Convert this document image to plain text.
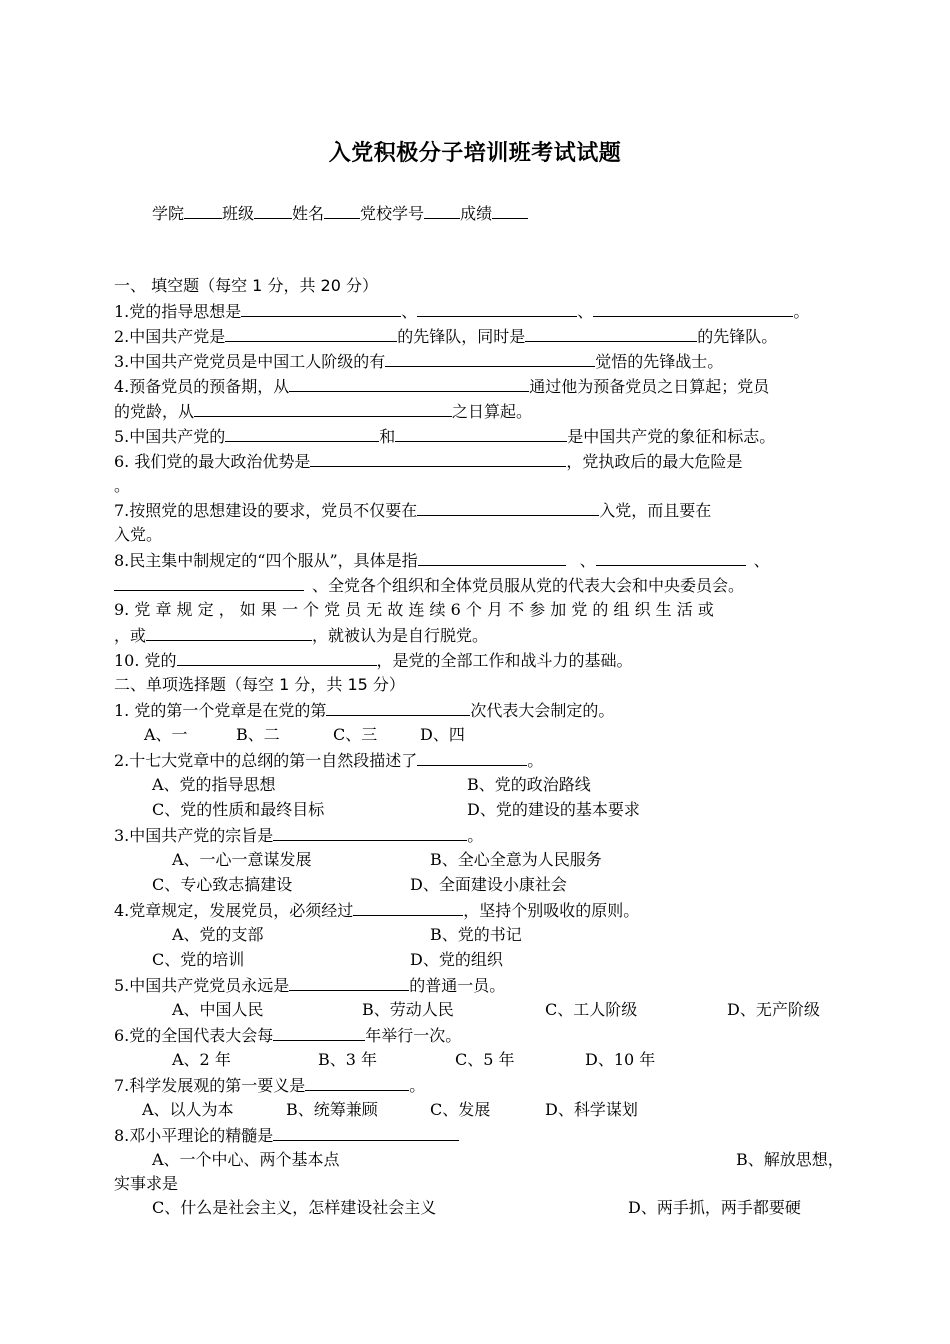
入党积极分子培训班考试试题
学院 班级 姓名 党校学号 成绩
一、 填空题（每空 1 分，共 20 分）
1.党的指导思想是	、	、	。
2.中国共产党是	的先锋队，同时是	的先锋队。
3.中国共产党党员是中国工人阶级的有	觉悟的先锋战士。
4.预备党员的预备期，从	通过他为预备党员之日算起；党员
的党龄，从	之日算起。
5.中国共产党的	和	是中国共产党的象征和标志。
6. 我们党的最大政治优势是	，党执政后的最大危险是
。
7.按照党的思想建设的要求，党员不仅要在	入党，而且要在
入党。
8.民主集中制规定的“四个服从”，具体是指	、	、
、全党各个组织和全体党员服从党的代表大会和中央委员会。
9. 党 章 规 定 ， 如 果 一 个 党 员 无 故 连 续 6 个 月 不 参 加 党 的 组 织 生 活 或
，或	，就被认为是自行脱党。
10. 党的	，是党的全部工作和战斗力的基础。
二、单项选择题（每空 1 分，共 15 分）
1. 党的第一个党章是在党的第	次代表大会制定的。
A、一	B、二	C、三	D、四
2.十七大党章中的总纲的第一自然段描述了	。
A、党的指导思想	B、党的政治路线
C、党的性质和最终目标	D、党的建设的基本要求
3.中国共产党的宗旨是	。
A、一心一意谋发展	B、全心全意为人民服务
C、专心致志搞建设	D、全面建设小康社会
4.党章规定，发展党员，必须经过	，坚持个别吸收的原则。
A、党的支部	B、党的书记
C、党的培训	D、党的组织
5.中国共产党党员永远是	的普通一员。
A、中国人民	B、劳动人民	C、工人阶级	D、无产阶级
6.党的全国代表大会每	年举行一次。
A、2 年	B、3 年	C、5 年	D、10 年
7.科学发展观的第一要义是	。
A、以人为本	B、统筹兼顾	C、发展	D、科学谋划
8.邓小平理论的精髓是
A、一个中心、两个基本点	B、解放思想，
实事求是
C、什么是社会主义，怎样建设社会主义	D、两手抓，两手都要硬
